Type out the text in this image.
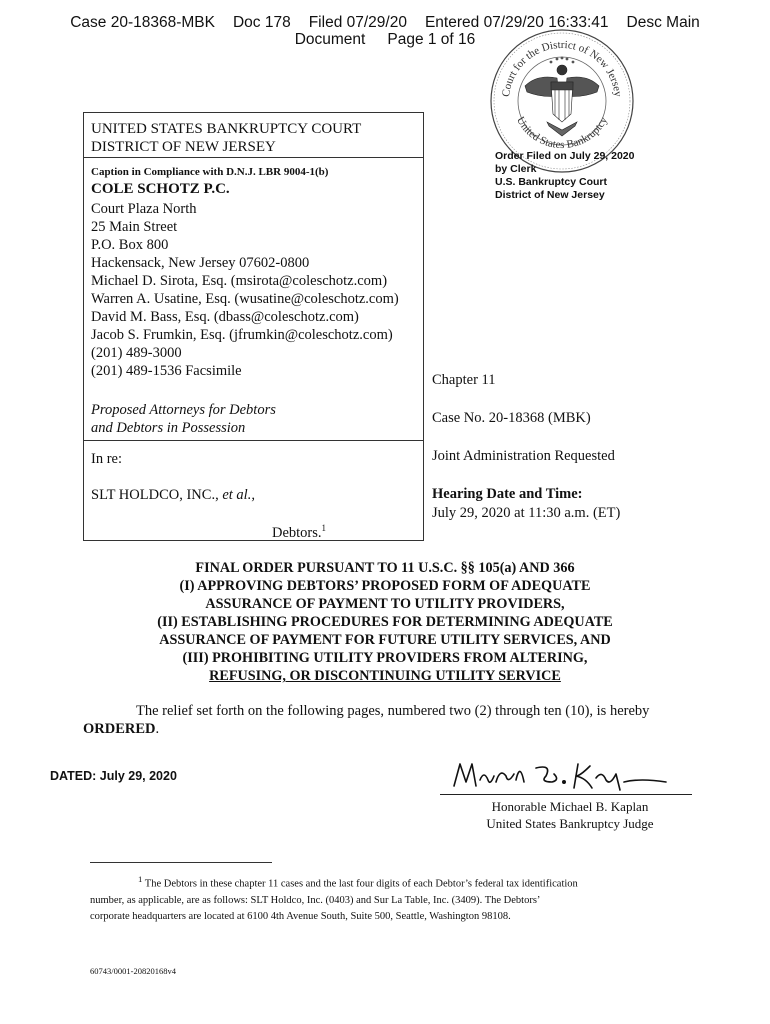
Case 20-18368-MBK Doc 178 Filed 07/29/20 Entered 07/29/20 16:33:41 Desc Main
Document Page 1 of 16
Court for the District of New Jersey
United States Bankruptcy
Order Filed on July 29, 2020
by Clerk
U.S. Bankruptcy Court
District of New Jersey
UNITED STATES BANKRUPTCY COURT
DISTRICT OF NEW JERSEY
Caption in Compliance with D.N.J. LBR 9004-1(b)
COLE SCHOTZ P.C.
Court Plaza North
25 Main Street
P.O. Box 800
Hackensack, New Jersey 07602-0800
Michael D. Sirota, Esq. (msirota@coleschotz.com)
Warren A. Usatine, Esq. (wusatine@coleschotz.com)
David M. Bass, Esq. (dbass@coleschotz.com)
Jacob S. Frumkin, Esq. (jfrumkin@coleschotz.com)
(201) 489-3000
(201) 489-1536 Facsimile
Proposed Attorneys for Debtors
and Debtors in Possession
In re:
SLT HOLDCO, INC., et al.,
Debtors.$^1$
Chapter 11
Case No. 20-18368 (MBK)
Joint Administration Requested
Hearing Date and Time:
July 29, 2020 at 11:30 a.m. (ET)
FINAL ORDER PURSUANT TO 11 U.S.C. §§ 105(a) AND 366
(I) APPROVING DEBTORS’ PROPOSED FORM OF ADEQUATE
ASSURANCE OF PAYMENT TO UTILITY PROVIDERS,
(II) ESTABLISHING PROCEDURES FOR DETERMINING ADEQUATE
ASSURANCE OF PAYMENT FOR FUTURE UTILITY SERVICES, AND
(III) PROHIBITING UTILITY PROVIDERS FROM ALTERING,
REFUSING, OR DISCONTINUING UTILITY SERVICE
The relief set forth on the following pages, numbered two (2) through ten (10), is hereby
ORDERED.
DATED: July 29, 2020
Honorable Michael B. Kaplan
United States Bankruptcy Judge
$^1$ The Debtors in these chapter 11 cases and the last four digits of each Debtor’s federal tax identification
number, as applicable, are as follows: SLT Holdco, Inc. (0403) and Sur La Table, Inc. (3409). The Debtors’
corporate headquarters are located at 6100 4th Avenue South, Suite 500, Seattle, Washington 98108.
60743/0001-20820168v4
